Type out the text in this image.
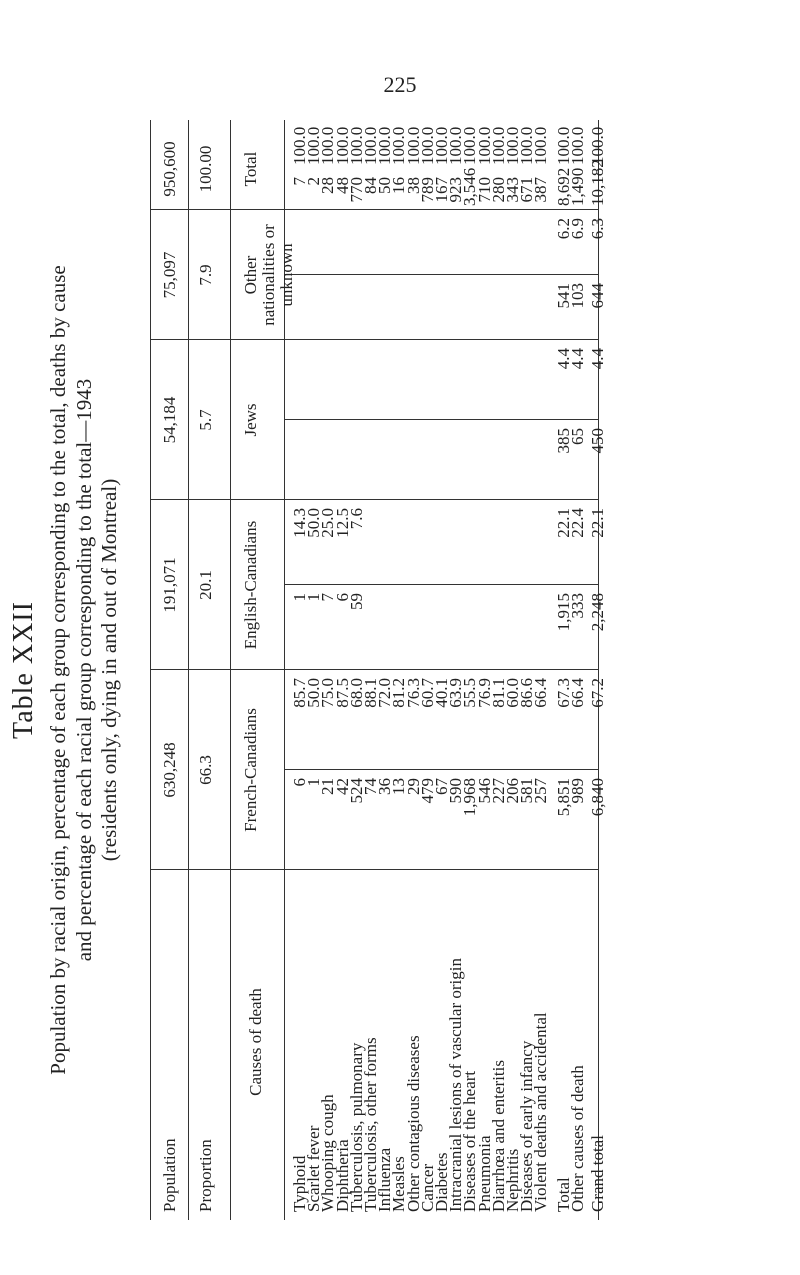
225
Table XXII Population by racial origin, percentage of each group corresponding to the total, deaths by cause and percentage of each racial group corresponding to the total—1943 (residents only, dying in and out of Montreal)
Population Proportion
Causes of death
630,248 66.3 French-Canadians
191,071 20.1 English-Canadians
54,184 5.7 Jews
75,097 7.9 Other nationalities or unknown
950,600 100.00 Total
Typhoid
6
85.7
1
14.3
7
100.0
Scarlet fever
1
50.0
1
50.0
2
100.0
Whooping cough
21
75.0
7
25.0
28
100.0
Diphtheria
42
87.5
6
12.5
48
100.0
Tuberculosis, pulmonary
524
68.0
59
7.6
770
100.0
Tuberculosis, other forms
74
88.1
84
100.0
Influenza
36
72.0
50
100.0
Measles
13
81.2
16
100.0
Other contagious diseases
29
76.3
38
100.0
Cancer
479
60.7
789
100.0
Diabetes
67
40.1
167
100.0
Intracranial lesions of vascular origin
590
63.9
923
100.0
Diseases of the heart
1,968
55.5
3,546
100.0
Pneumonia
546
76.9
710
100.0
Diarrhœa and enteritis
227
81.1
280
100.0
Nephritis
206
60.0
343
100.0
Diseases of early infancy
581
86.6
671
100.0
Violent deaths and accidental
257
66.4
387
100.0
Total
5,851
67.3
1,915
22.1
385
4.4
541
6.2
8,692
100.0
Other causes of death
989
66.4
333
22.4
65
4.4
103
6.9
1,490
100.0
Grand total
6,840
67.2
2,248
22.1
450
4.4
644
6.3
10,182
100.0
